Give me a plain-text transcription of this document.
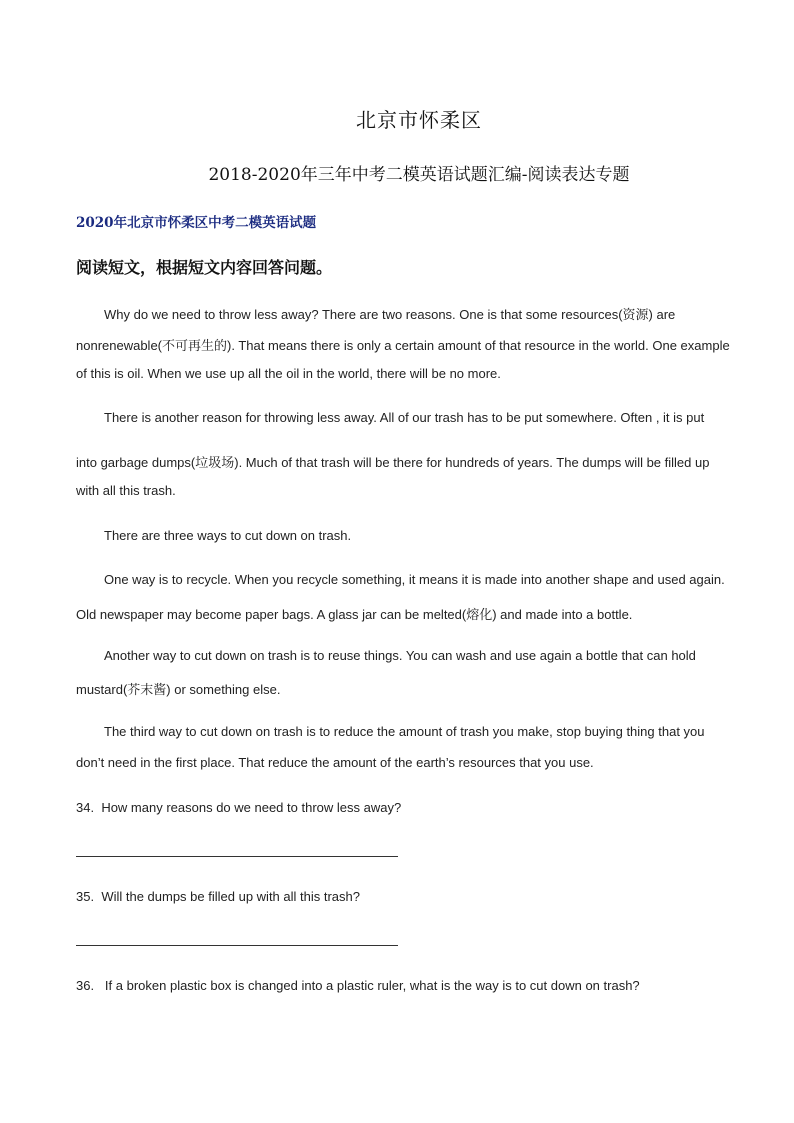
北京市怀柔区
2018-2020年三年中考二模英语试题汇编-阅读表达专题
2020年北京市怀柔区中考二模英语试题
阅读短文，根据短文内容回答问题。
Why do we need to throw less away? There are two reasons. One is that some resources(资源) are
nonrenewable(不可再生的). That means there is only a certain amount of that resource in the world. One example
of this is oil. When we use up all the oil in the world, there will be no more.
There is another reason for throwing less away. All of our trash has to be put somewhere. Often , it is put
into garbage dumps(垃圾场). Much of that trash will be there for hundreds of years. The dumps will be filled up
with all this trash.
There are three ways to cut down on trash.
One way is to recycle. When you recycle something, it means it is made into another shape and used again.
Old newspaper may become paper bags. A glass jar can be melted(熔化) and made into a bottle.
Another way to cut down on trash is to reuse things. You can wash and use again a bottle that can hold
mustard(芥末酱) or something else.
The third way to cut down on trash is to reduce the amount of trash you make, stop buying thing that you
don’t need in the first place. That reduce the amount of the earth’s resources that you use.
34. How many reasons do we need to throw less away?
35. Will the dumps be filled up with all this trash?
36. If a broken plastic box is changed into a plastic ruler, what is the way is to cut down on trash?
